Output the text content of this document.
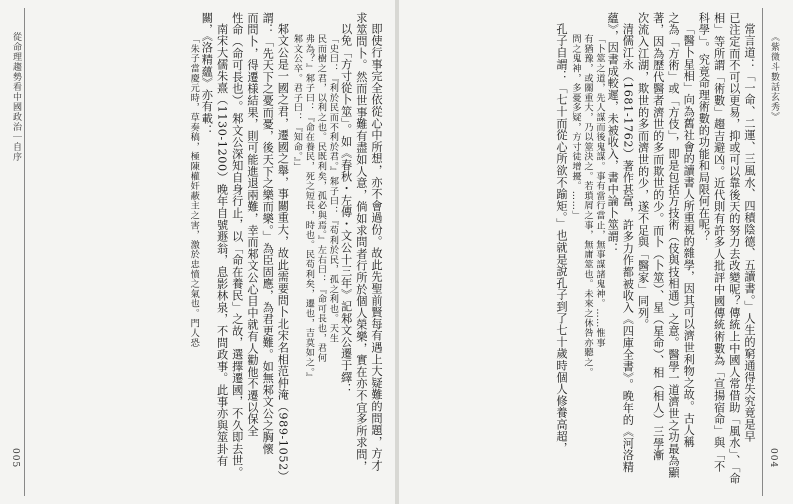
從命理趨勢看中國政治｜自序
005	即使行事完全依從心中所想，亦不會過份。故此先聖前賢每有遇上大疑難的問題，方才
求筮問卜。然而世事難有盡如人意，倘如求問者行所於個人榮樂，實在亦不宜多所求問，
以免「方寸從卜筮」。如《春秋・左傳・文公十三年》記邾文公遷于繹：
「史曰：『利於民而不利於君。』邾子曰：『苟利於民，孤之利也。天生
民而樹之君，以利之也。民既利矣，孤必與焉。』左右曰：『命可長也，君何
弗為？』邾子曰：『命在養民，死之短長，時也。民苟利矣，遷也，吉莫如之。』
邾文公卒。君子曰：『知命。』」
邾文公是一國之君，遷國之舉，事關重大，故此需要問卜北宋名相范仲淹（989-1052）
謂：「先天下之憂而憂，後天下之樂而樂。」為臣固應，為君更難。如無邾文公之胸懷
而問卜，得遷様結果，則可能進退兩難，幸而邾文公心目中就有人勸他不遷以保全
性命（命可長也）。邾文公深知自身行止，以「命在養民」之故，選擇遷國，不久即去世。
南宋大儒朱熹（1130-1200）晚年自號遯翁，息影林泉，不問政事。此事亦與筮卦有
關，《洛精蘊》亦有載：
「朱子當慶元時，草奏稿，極陳權奸蔽主之害，激於忠憤之氣也。門人恐	《紫微斗數話玄秀》
004
常言道：「一命、二運、三風水、四積陰德、五讀書。」人生的窮通得失究竟是早
已注定而不可以更易，抑或可以靠後天的努力去改變呢？傳統上中國人常借助「風水」、「命
相」等所謂「術數」趨吉避凶。近代則有許多人批評中國傳統術數為「宣揚宿命」與「不
科學」。究竟命理術數的功能和局限何在呢？
「醫卜星相」向為舊社會的讀書人所重視的雜學，因其可以濟世利物之故。古人稱
之為「方術」或「方伎」，即是包括方技術（伎與技相通）之意。醫學一道濟世之功最為顯
著，因為歷代醫者濟世的多而欺世的少。而卜（卜筮）、星（星命）、相（相人）三學漸
次流入江湖，欺世的多而濟世的少，遂不足與「醫家」同列。
清儒江永（1681-1762）著作甚富，許多力作都被收入《四庫全書》。晚年的《河洛精
蘊》，因書成較遲，未被收入，書中論卜筮謂：
「卜筮之道，先人謀而後鬼謀。事有當行當止，無事謀諸鬼神。……惟事
有猶豫，或關重大，乃以筮決之。若瑣屑之事，無庸筮也。未來之休咎亦聽之。
問之鬼神，多憂多疑，方寸徒增擾。……」
孔子自謂：「七十而從心所欲不踰矩。」也就是說孔子到了七十歲時個人修養高超，
